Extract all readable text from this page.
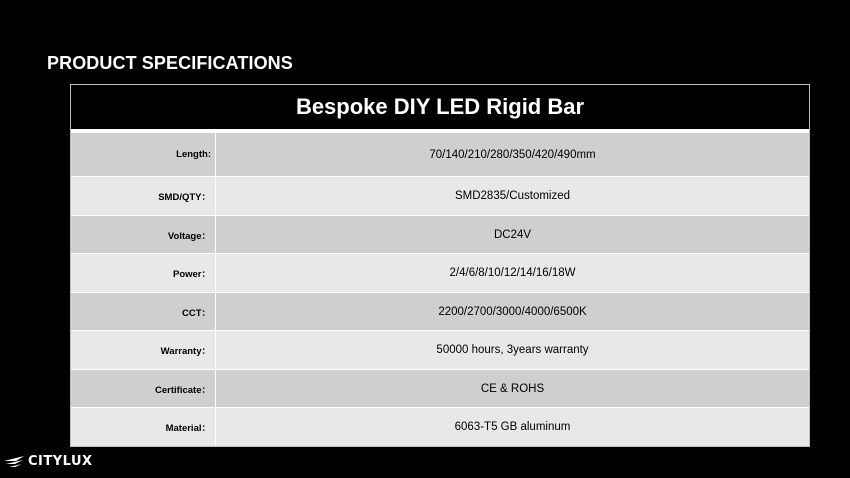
PRODUCT SPECIFICATIONS
Bespoke DIY LED Rigid Bar
Length:	70/140/210/280/350/420/490mm
SMD/QTY：	SMD2835/Customized
Voltage：	DC24V
Power：	2/4/6/8/10/12/14/16/18W
CCT：	2200/2700/3000/4000/6500K
Warranty：	50000 hours, 3years warranty
Certificate：	CE & ROHS
Material：	6063-T5 GB aluminum
CITYLUX
